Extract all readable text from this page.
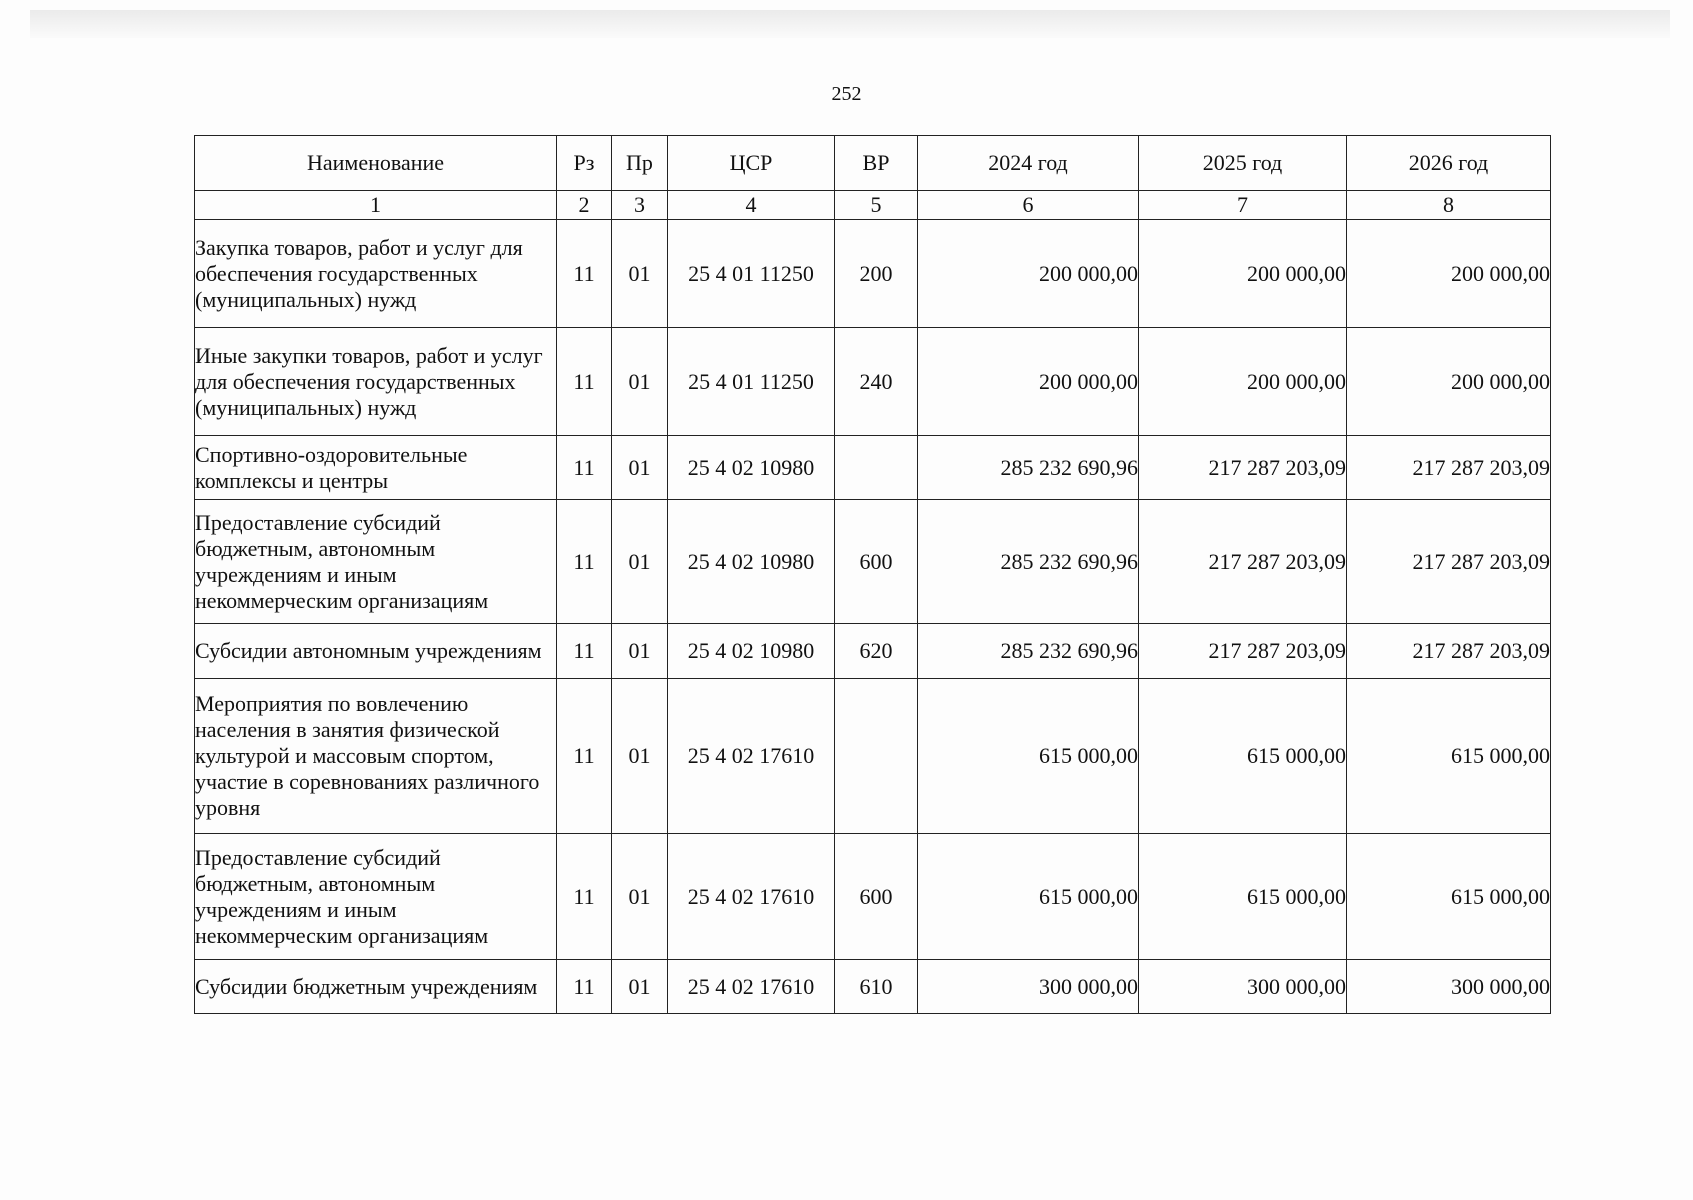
252
Наименование	Рз	Пр	ЦСР	ВР	2024 год	2025 год	2026 год
1	2	3	4	5	6	7	8
Закупка товаров, работ и услуг для обеспечения государственных (муниципальных) нужд	11	01	25 4 01 11250	200	200 000,00	200 000,00	200 000,00
Иные закупки товаров, работ и услуг для обеспечения государственных (муниципальных) нужд	11	01	25 4 01 11250	240	200 000,00	200 000,00	200 000,00
Спортивно-оздоровительные комплексы и центры	11	01	25 4 02 10980		285 232 690,96	217 287 203,09	217 287 203,09
Предоставление субсидий бюджетным, автономным учреждениям и иным некоммерческим организациям	11	01	25 4 02 10980	600	285 232 690,96	217 287 203,09	217 287 203,09
Субсидии автономным учреждениям	11	01	25 4 02 10980	620	285 232 690,96	217 287 203,09	217 287 203,09
Мероприятия по вовлечению населения в занятия физической культурой и массовым спортом, участие в соревнованиях различного уровня	11	01	25 4 02 17610		615 000,00	615 000,00	615 000,00
Предоставление субсидий бюджетным, автономным учреждениям и иным некоммерческим организациям	11	01	25 4 02 17610	600	615 000,00	615 000,00	615 000,00
Субсидии бюджетным учреждениям	11	01	25 4 02 17610	610	300 000,00	300 000,00	300 000,00
